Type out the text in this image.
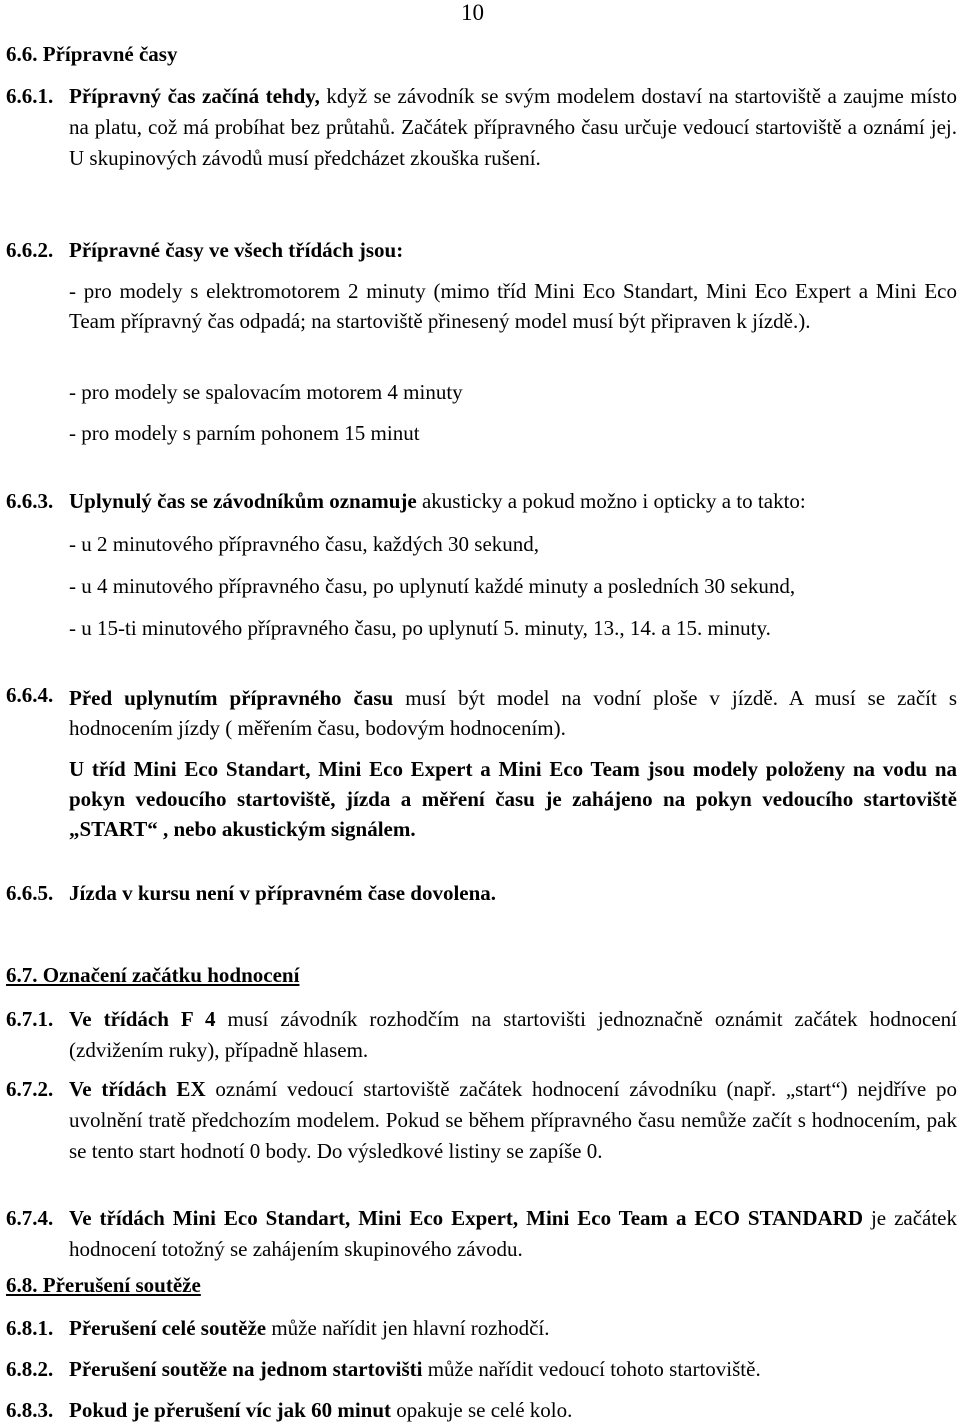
10
6.6. Přípravné časy
6.6.1. Přípravný čas začíná tehdy, když se závodník se svým modelem dostaví na startoviště a zaujme místo na platu, což má probíhat bez průtahů. Začátek přípravného času určuje vedoucí startoviště a oznámí jej. U skupinových závodů musí předcházet zkouška rušení.
6.6.2. Přípravné časy ve všech třídách jsou:
- pro modely s elektromotorem 2 minuty (mimo tříd Mini Eco Standart, Mini Eco Expert a Mini Eco Team přípravný čas odpadá; na startoviště přinesený model musí být připraven k jízdě.).
- pro modely se spalovacím motorem 4 minuty
- pro modely s parním pohonem 15 minut
6.6.3. Uplynulý čas se závodníkům oznamuje akusticky a pokud možno i opticky a to takto:
- u 2 minutového přípravného času, každých 30 sekund,
- u 4 minutového přípravného času, po uplynutí každé minuty a posledních 30 sekund,
- u 15-ti minutového přípravného času, po uplynutí 5. minuty, 13., 14. a 15. minuty.
6.6.4. Před uplynutím přípravného času musí být model na vodní ploše v jízdě. A musí se začít s hodnocením jízdy ( měřením času, bodovým hodnocením).
U tříd Mini Eco Standart, Mini Eco Expert a Mini Eco Team jsou modely položeny na vodu na pokyn vedoucího startoviště, jízda a měření času je zahájeno na pokyn vedoucího startoviště „START“ , nebo akustickým signálem.
6.6.5. Jízda v kursu není v přípravném čase dovolena.
6.7. Označení začátku hodnocení
6.7.1. Ve třídách F 4 musí závodník rozhodčím na startovišti jednoznačně oznámit začátek hodnocení (zdvižením ruky), případně hlasem.
6.7.2. Ve třídách EX oznámí vedoucí startoviště začátek hodnocení závodníku (např. „start“) nejdříve po uvolnění tratě předchozím modelem. Pokud se během přípravného času nemůže začít s hodnocením, pak se tento start hodnotí 0 body. Do výsledkové listiny se zapíše 0.
6.7.4. Ve třídách Mini Eco Standart, Mini Eco Expert, Mini Eco Team a ECO STANDARD je začátek hodnocení totožný se zahájením skupinového závodu.
6.8. Přerušení soutěže
6.8.1. Přerušení celé soutěže může nařídit jen hlavní rozhodčí.
6.8.2. Přerušení soutěže na jednom startovišti může nařídit vedoucí tohoto startoviště.
6.8.3. Pokud je přerušení víc jak 60 minut opakuje se celé kolo.
